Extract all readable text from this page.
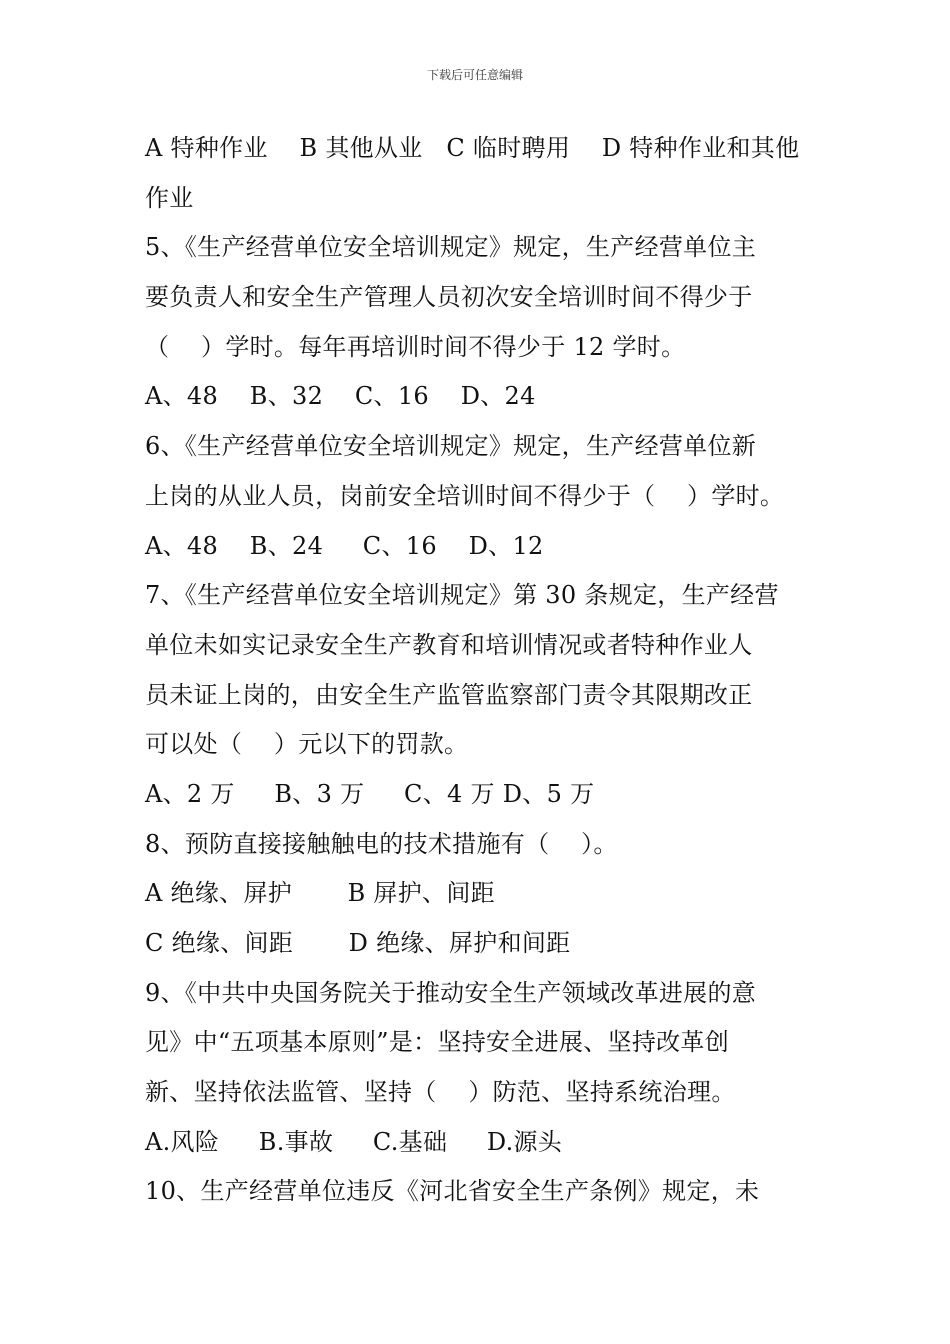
下载后可任意编辑
A 特种作业    B 其他从业   C 临时聘用    D 特种作业和其他
作业
5、《生产经营单位安全培训规定》规定，生产经营单位主
要负责人和安全生产管理人员初次安全培训时间不得少于
（    ）学时。每年再培训时间不得少于 12 学时。
A、48    B、32    C、16    D、24
6、《生产经营单位安全培训规定》规定，生产经营单位新
上岗的从业人员，岗前安全培训时间不得少于（    ）学时。
A、48    B、24     C、16    D、12
7、《生产经营单位安全培训规定》第 30 条规定，生产经营
单位未如实记录安全生产教育和培训情况或者特种作业人
员未证上岗的，由安全生产监管监察部门责令其限期改正
可以处（    ）元以下的罚款。
A、2 万     B、3 万     C、4 万 D、5 万
8、预防直接接触触电的技术措施有（    ）。
A 绝缘、屏护       B 屏护、间距
C 绝缘、间距       D 绝缘、屏护和间距
9、《中共中央国务院关于推动安全生产领域改革进展的意
见》中“五项基本原则”是：坚持安全进展、坚持改革创
新、坚持依法监管、坚持（    ）防范、坚持系统治理。
A.风险     B.事故     C.基础     D.源头
10、生产经营单位违反《河北省安全生产条例》规定，未
